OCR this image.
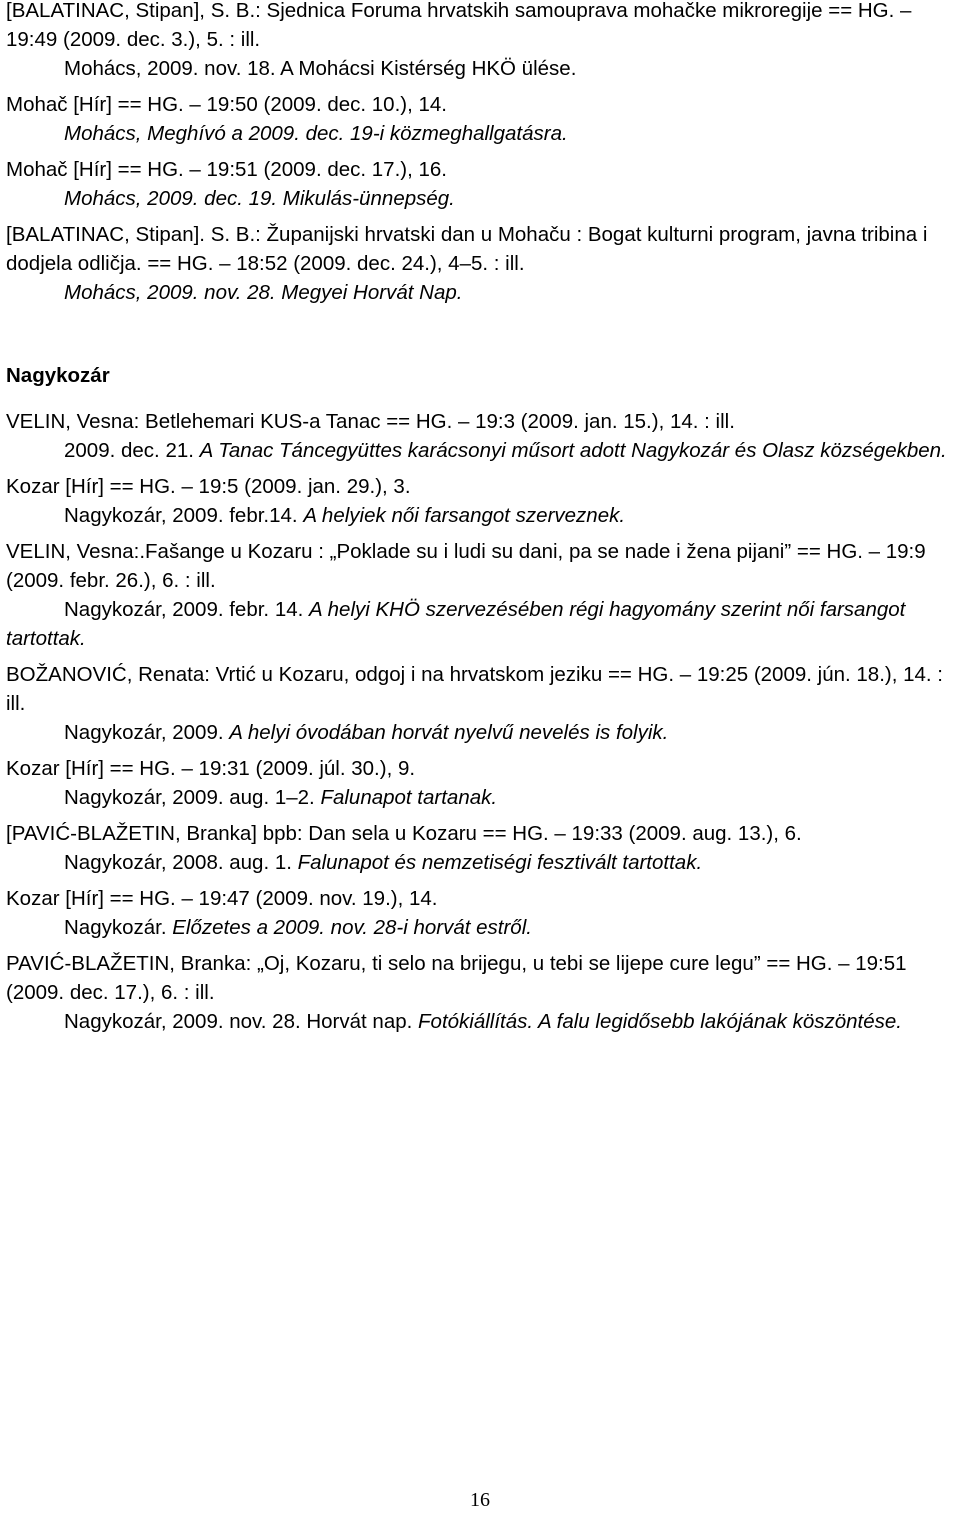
[BALATINAC, Stipan], S. B.: Sjednica Foruma hrvatskih samouprava mohačke mikroregije == HG. – 19:49 (2009. dec. 3.), 5. : ill.

Mohács, 2009. nov. 18. A Mohácsi Kistérség HKÖ ülése.

Mohač [Hír] == HG. – 19:50 (2009. dec. 10.), 14.

Mohács, Meghívó a 2009. dec. 19-i közmeghallgatásra.

Mohač [Hír] == HG. – 19:51 (2009. dec. 17.), 16.

Mohács, 2009. dec. 19. Mikulás-ünnepség.

[BALATINAC, Stipan]. S. B.: Županijski hrvatski dan u Mohaču : Bogat kulturni program, javna tribina i dodjela odličja. == HG. – 18:52 (2009. dec. 24.), 4–5. : ill.

Mohács, 2009. nov. 28. Megyei Horvát Nap.

Nagykozár

VELIN, Vesna: Betlehemari KUS-a Tanac == HG. – 19:3 (2009. jan. 15.), 14. : ill.

2009. dec. 21. A Tanac Táncegyüttes karácsonyi műsort adott Nagykozár és Olasz községekben.

Kozar [Hír] == HG. – 19:5 (2009. jan. 29.), 3.

Nagykozár, 2009. febr.14. A helyiek női farsangot szerveznek.

VELIN, Vesna:.Fašange u Kozaru : „Poklade su i ludi su dani, pa se nade i žena pijani” == HG. – 19:9 (2009. febr. 26.), 6. : ill.

Nagykozár, 2009. febr. 14. A helyi KHÖ szervezésében régi hagyomány szerint női farsangot tartottak.

BOŽANOVIĆ, Renata: Vrtić u Kozaru, odgoj i na hrvatskom jeziku == HG. – 19:25 (2009. jún. 18.), 14. : ill.

Nagykozár, 2009. A helyi óvodában horvát nyelvű nevelés is folyik.

Kozar [Hír] == HG. – 19:31 (2009. júl. 30.), 9.

Nagykozár, 2009. aug. 1–2. Falunapot tartanak.

[PAVIĆ-BLAŽETIN, Branka] bpb: Dan sela u Kozaru == HG. – 19:33 (2009. aug. 13.), 6.

Nagykozár, 2008. aug. 1. Falunapot és nemzetiségi fesztivált tartottak.

Kozar [Hír] == HG. – 19:47 (2009. nov. 19.), 14.

Nagykozár. Előzetes a 2009. nov. 28-i horvát estről.

PAVIĆ-BLAŽETIN, Branka: „Oj, Kozaru, ti selo na brijegu, u tebi se lijepe cure legu” == HG. – 19:51 (2009. dec. 17.), 6. : ill.

Nagykozár, 2009. nov. 28. Horvát nap. Fotókiállítás. A falu legidősebb lakójának köszöntése.

16
